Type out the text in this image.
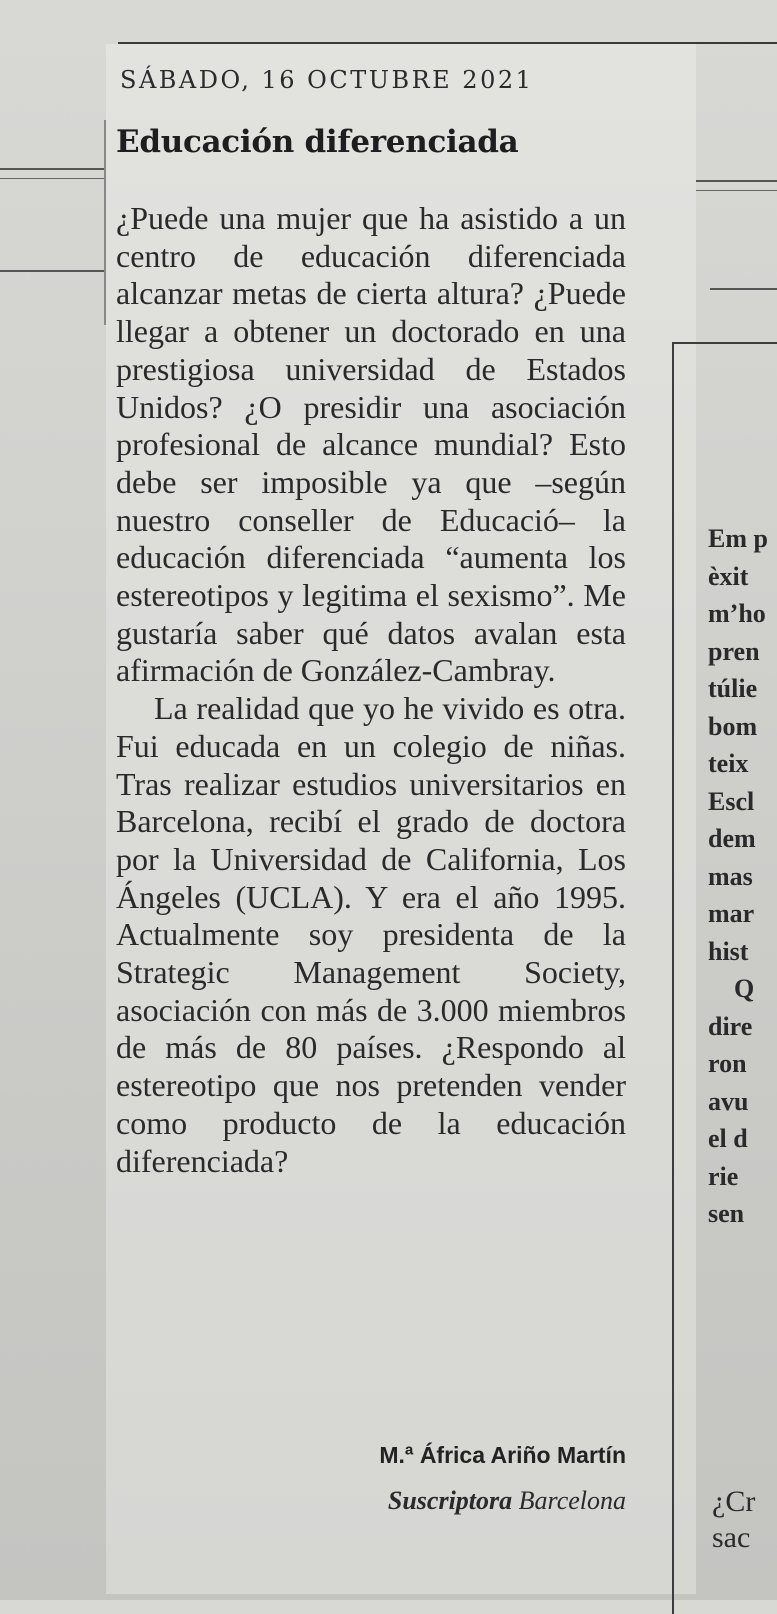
SÁBADO, 16 OCTUBRE 2021
Educación diferenciada

¿Puede una mujer que ha asistido a un centro de educación diferenciada alcanzar metas de cierta altura? ¿Puede llegar a obtener un doctorado en una prestigiosa universidad de Estados Unidos? ¿O presidir una asociación profesional de alcance mundial? Esto debe ser imposible ya que –según nuestro conseller de Educació– la educación diferenciada “aumenta los estereotipos y legitima el sexismo”. Me gustaría saber qué datos avalan esta afirmación de González-Cambray.

La realidad que yo he vivido es otra. Fui educada en un colegio de niñas. Tras realizar estudios universitarios en Barcelona, recibí el grado de doctora por la Universidad de California, Los Ángeles (UCLA). Y era el año 1995. Actualmente soy presidenta de la Strategic Management Society, asociación con más de 3.000 miembros de más de 80 países. ¿Respondo al estereotipo que nos pretenden vender como producto de la educación diferenciada?

M.ª África Ariño Martín
Suscriptora Barcelona
Em p
èxit
m’ho
pren
túlie
bom
teix
Escl
dem
mas
mar
hist
Q
dire
ron
avu
el d
rie
sen
¿Cr
sac
